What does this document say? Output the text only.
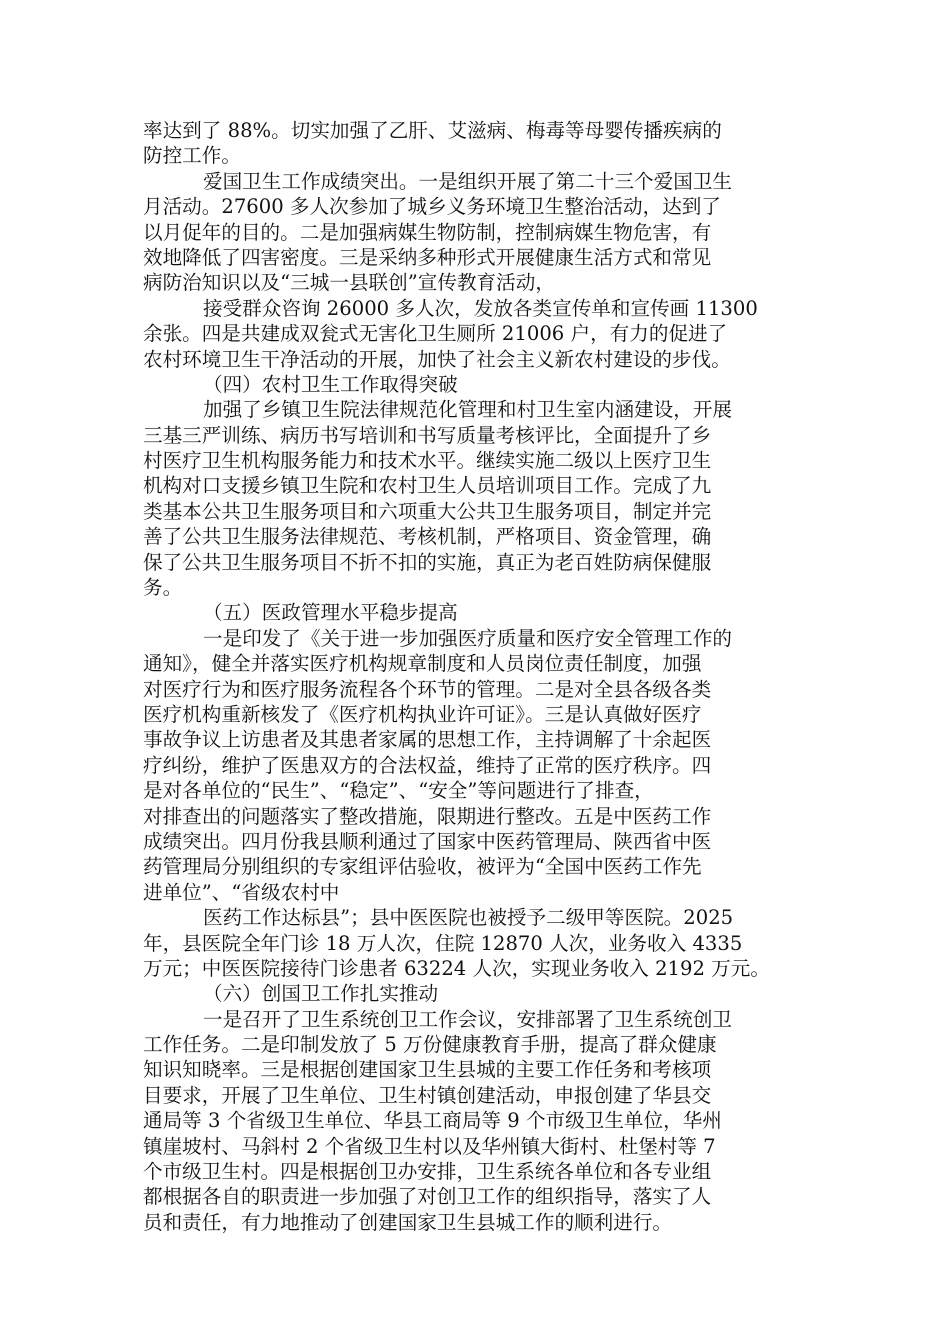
率达到了 88%。切实加强了乙肝、艾滋病、梅毒等母婴传播疾病的
防控工作。
爱国卫生工作成绩突出。一是组织开展了第二十三个爱国卫生
月活动。27600 多人次参加了城乡义务环境卫生整治活动，达到了
以月促年的目的。二是加强病媒生物防制，控制病媒生物危害，有
效地降低了四害密度。三是采纳多种形式开展健康生活方式和常见
病防治知识以及“三城一县联创”宣传教育活动，
接受群众咨询 26000 多人次，发放各类宣传单和宣传画 11300
余张。四是共建成双瓮式无害化卫生厕所 21006 户，有力的促进了
农村环境卫生干净活动的开展，加快了社会主义新农村建设的步伐。
（四）农村卫生工作取得突破
加强了乡镇卫生院法律规范化管理和村卫生室内涵建设，开展
三基三严训练、病历书写培训和书写质量考核评比，全面提升了乡
村医疗卫生机构服务能力和技术水平。继续实施二级以上医疗卫生
机构对口支援乡镇卫生院和农村卫生人员培训项目工作。完成了九
类基本公共卫生服务项目和六项重大公共卫生服务项目，制定并完
善了公共卫生服务法律规范、考核机制，严格项目、资金管理，确
保了公共卫生服务项目不折不扣的实施，真正为老百姓防病保健服
务。
（五）医政管理水平稳步提高
一是印发了《关于进一步加强医疗质量和医疗安全管理工作的
通知》，健全并落实医疗机构规章制度和人员岗位责任制度，加强
对医疗行为和医疗服务流程各个环节的管理。二是对全县各级各类
医疗机构重新核发了《医疗机构执业许可证》。三是认真做好医疗
事故争议上访患者及其患者家属的思想工作，主持调解了十余起医
疗纠纷，维护了医患双方的合法权益，维持了正常的医疗秩序。四
是对各单位的“民生”、“稳定”、“安全”等问题进行了排查，
对排查出的问题落实了整改措施，限期进行整改。五是中医药工作
成绩突出。四月份我县顺利通过了国家中医药管理局、陕西省中医
药管理局分别组织的专家组评估验收，被评为“全国中医药工作先
进单位”、“省级农村中
医药工作达标县”；县中医医院也被授予二级甲等医院。2025
年，县医院全年门诊 18 万人次，住院 12870 人次，业务收入 4335
万元；中医医院接待门诊患者 63224 人次，实现业务收入 2192 万元。
（六）创国卫工作扎实推动
一是召开了卫生系统创卫工作会议，安排部署了卫生系统创卫
工作任务。二是印制发放了 5 万份健康教育手册，提高了群众健康
知识知晓率。三是根据创建国家卫生县城的主要工作任务和考核项
目要求，开展了卫生单位、卫生村镇创建活动，申报创建了华县交
通局等 3 个省级卫生单位、华县工商局等 9 个市级卫生单位，华州
镇崖坡村、马斜村 2 个省级卫生村以及华州镇大街村、杜堡村等 7
个市级卫生村。四是根据创卫办安排，卫生系统各单位和各专业组
都根据各自的职责进一步加强了对创卫工作的组织指导，落实了人
员和责任，有力地推动了创建国家卫生县城工作的顺利进行。
